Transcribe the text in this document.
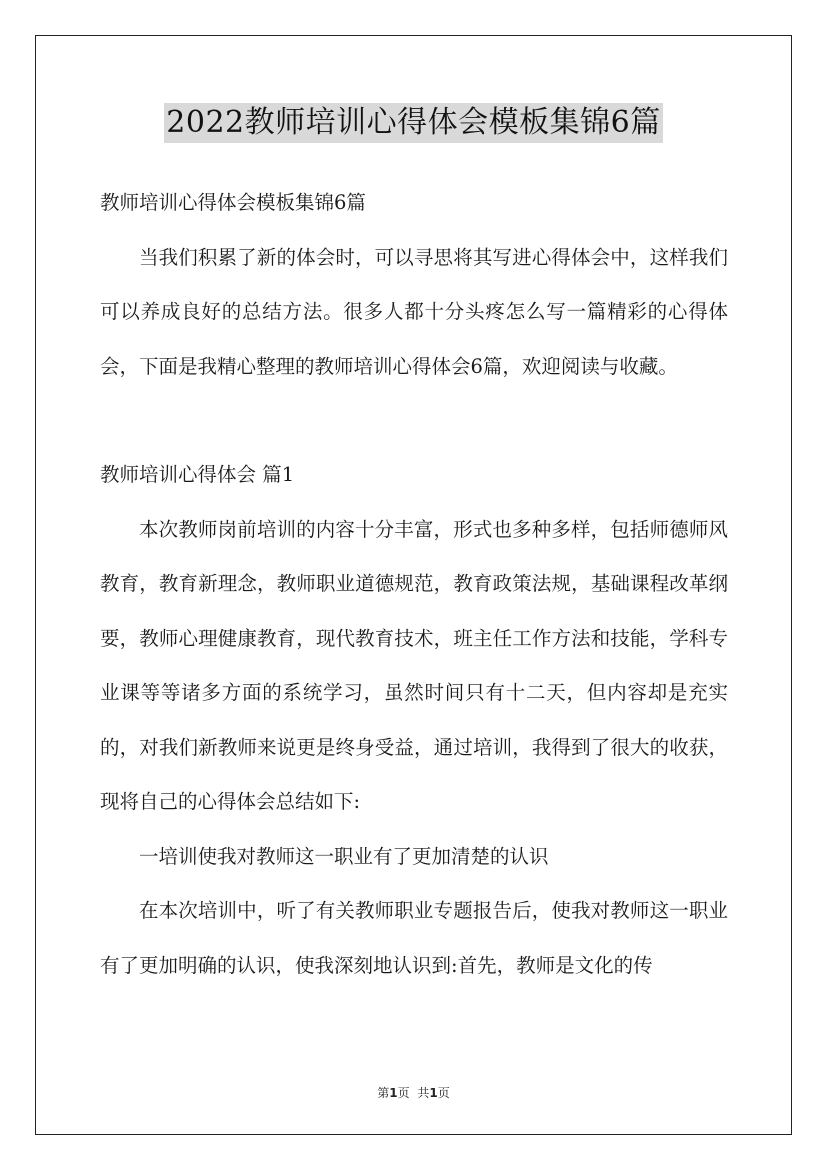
2022教师培训心得体会模板集锦6篇

教师培训心得体会模板集锦6篇

当我们积累了新的体会时，可以寻思将其写进心得体会中，这样我们可以养成良好的总结方法。很多人都十分头疼怎么写一篇精彩的心得体会，下面是我精心整理的教师培训心得体会6篇，欢迎阅读与收藏。

教师培训心得体会 篇1

本次教师岗前培训的内容十分丰富，形式也多种多样，包括师德师风教育，教育新理念，教师职业道德规范，教育政策法规，基础课程改革纲要，教师心理健康教育，现代教育技术，班主任工作方法和技能，学科专业课等等诸多方面的系统学习，虽然时间只有十二天，但内容却是充实的，对我们新教师来说更是终身受益，通过培训，我得到了很大的收获，现将自己的心得体会总结如下:

一培训使我对教师这一职业有了更加清楚的认识

在本次培训中，听了有关教师职业专题报告后，使我对教师这一职业有了更加明确的认识，使我深刻地认识到:首先，教师是文化的传

第1页 共1页
